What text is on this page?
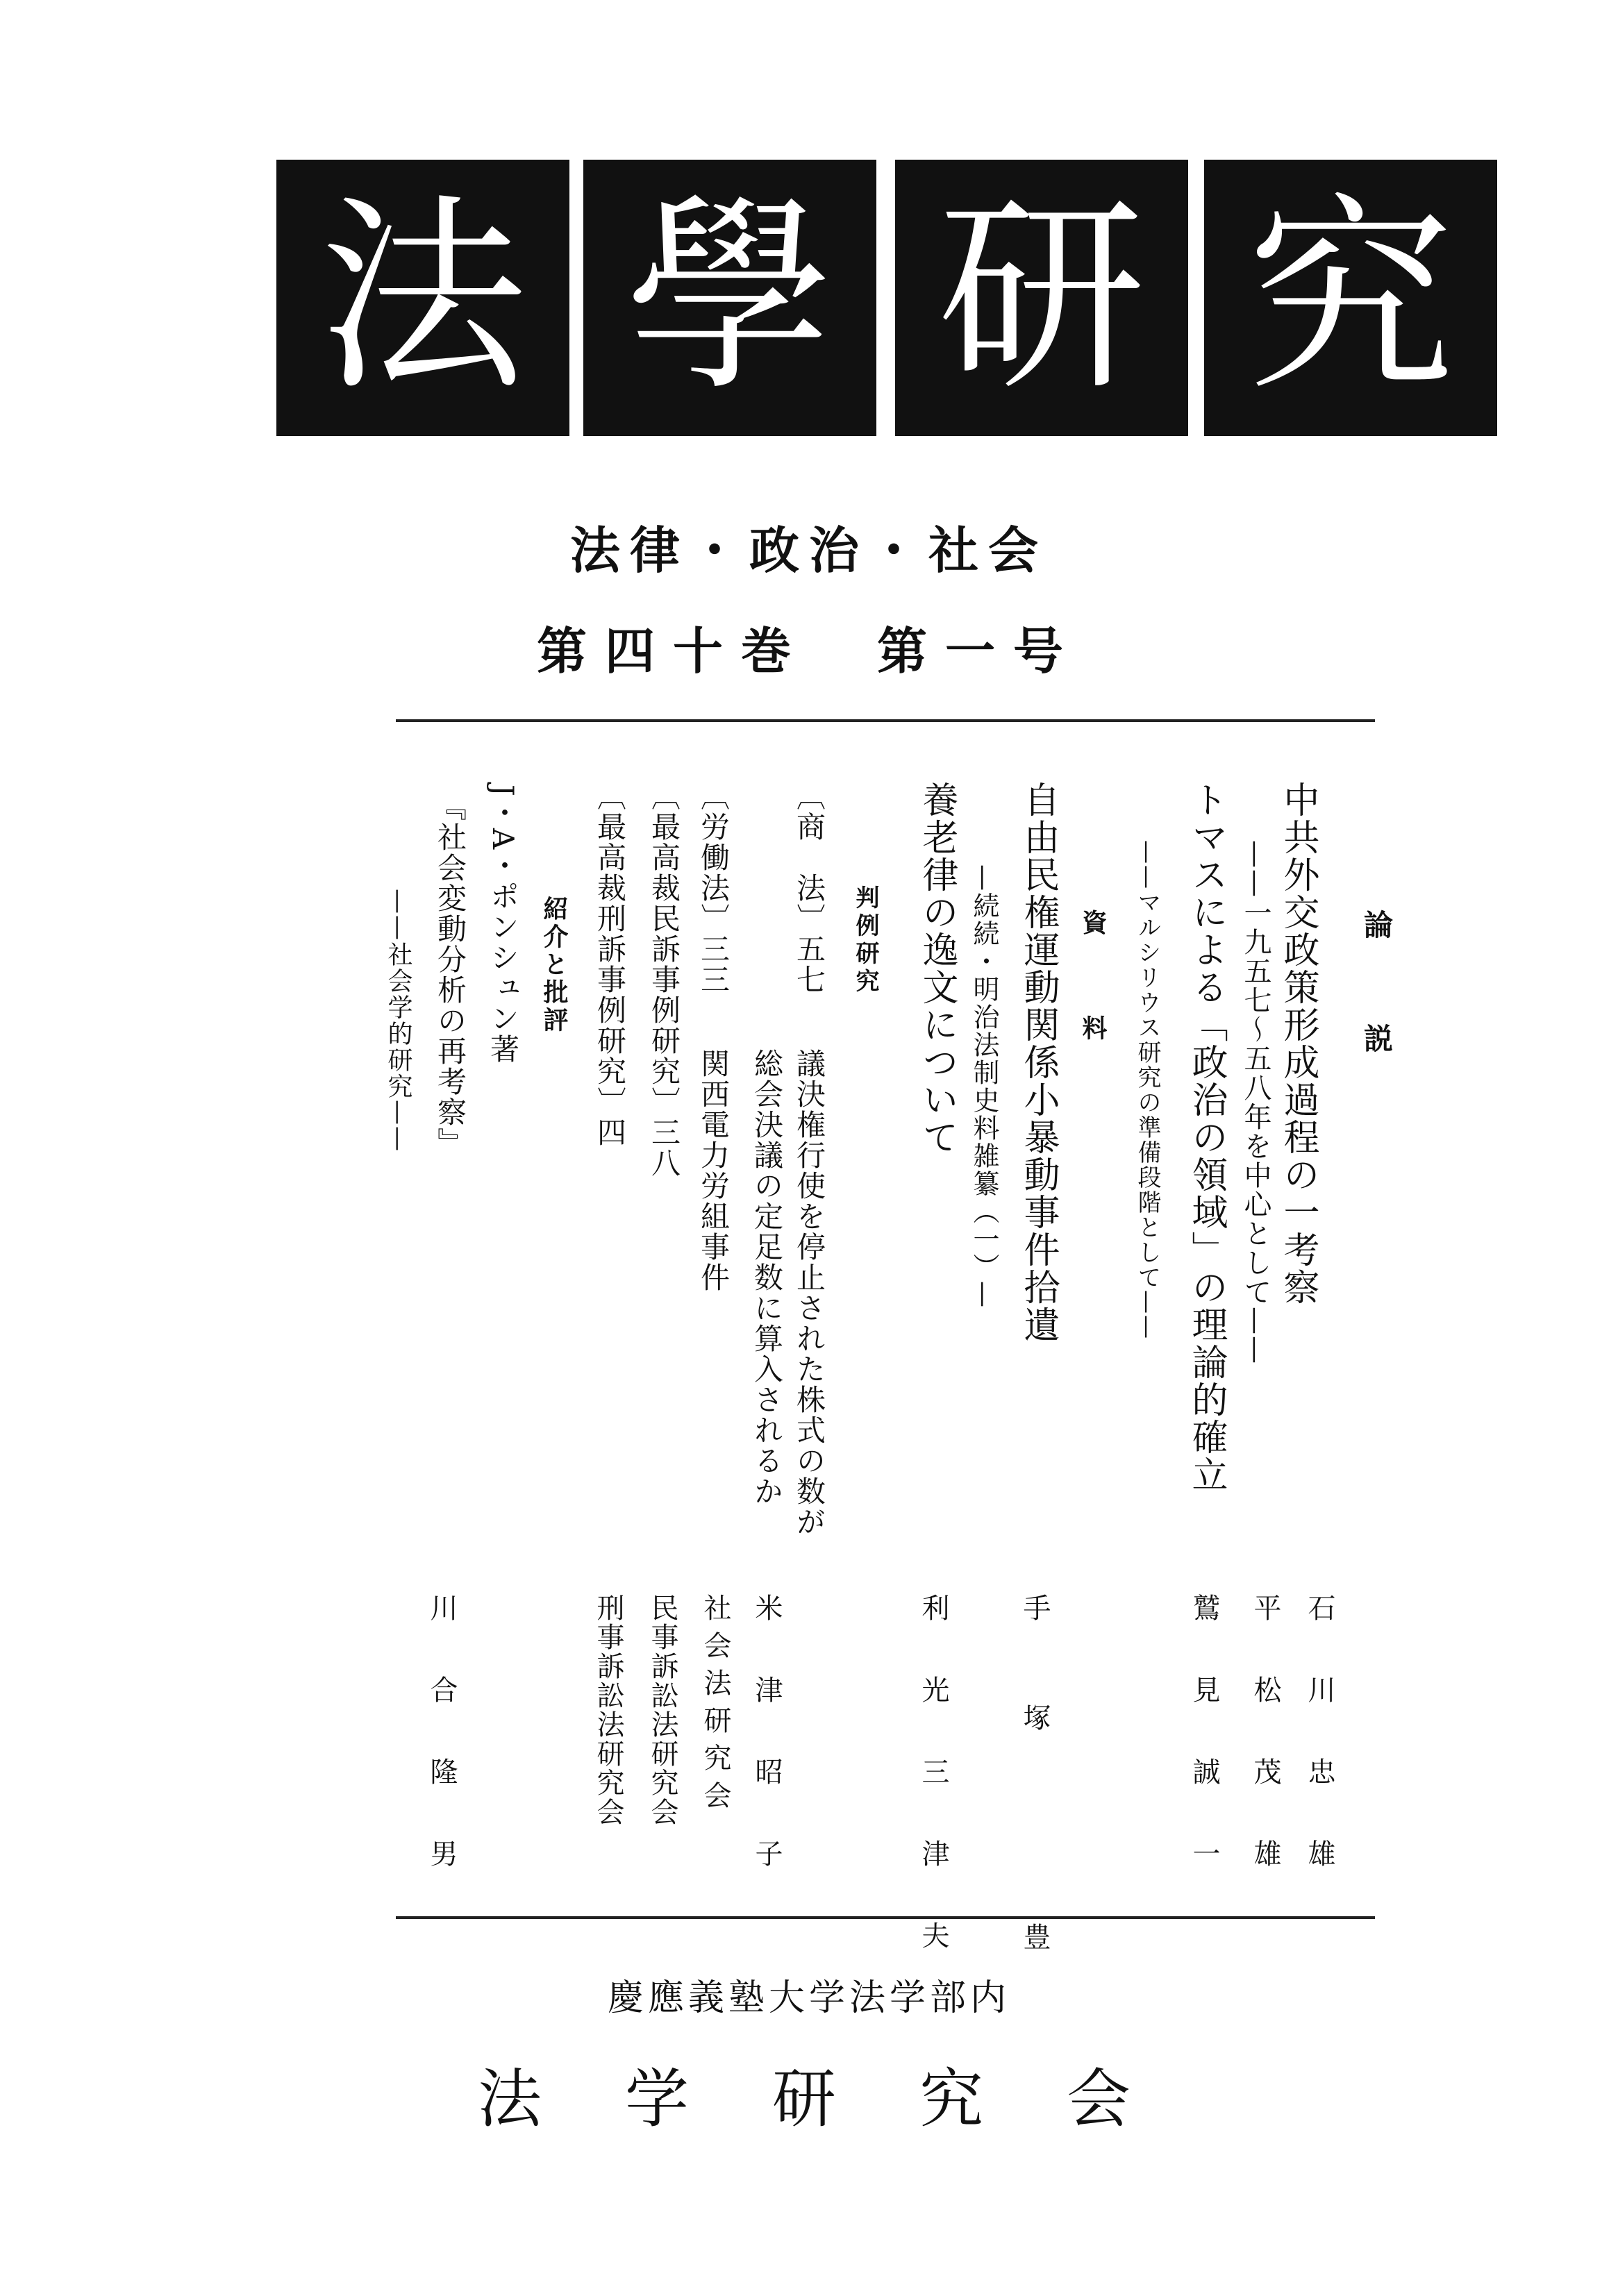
法 學 研 究
法律・政治・社会
第四十巻　第一号
論　説
中共外交政策形成過程の一考察
——一九五七～五八年を中心として——
石川忠雄
平松茂雄
トマスによる「政治の領域」の理論的確立
——マルシリウス研究の準備段階として——
鷲見誠一
資　料
自由民権運動関係小暴動事件拾遺
—続続・明治法制史料雑纂（一）—
手塚　豊
養老律の逸文について
利光三津夫
判例研究
〔商　法〕五七
議決権行使を停止された株式の数が
総会決議の定足数に算入されるか
米津昭子
〔労働法〕三三
関西電力労組事件
社会法研究会
〔最高裁民訴事例研究〕三八
民事訴訟法研究会
〔最高裁刑訴事例研究〕四
刑事訴訟法研究会
紹介と批評
J・A・ポンシュン著
『社会変動分析の再考察』
——社会学的研究——
川合隆男
慶應義塾大学法学部内
法　学　研　究　会
